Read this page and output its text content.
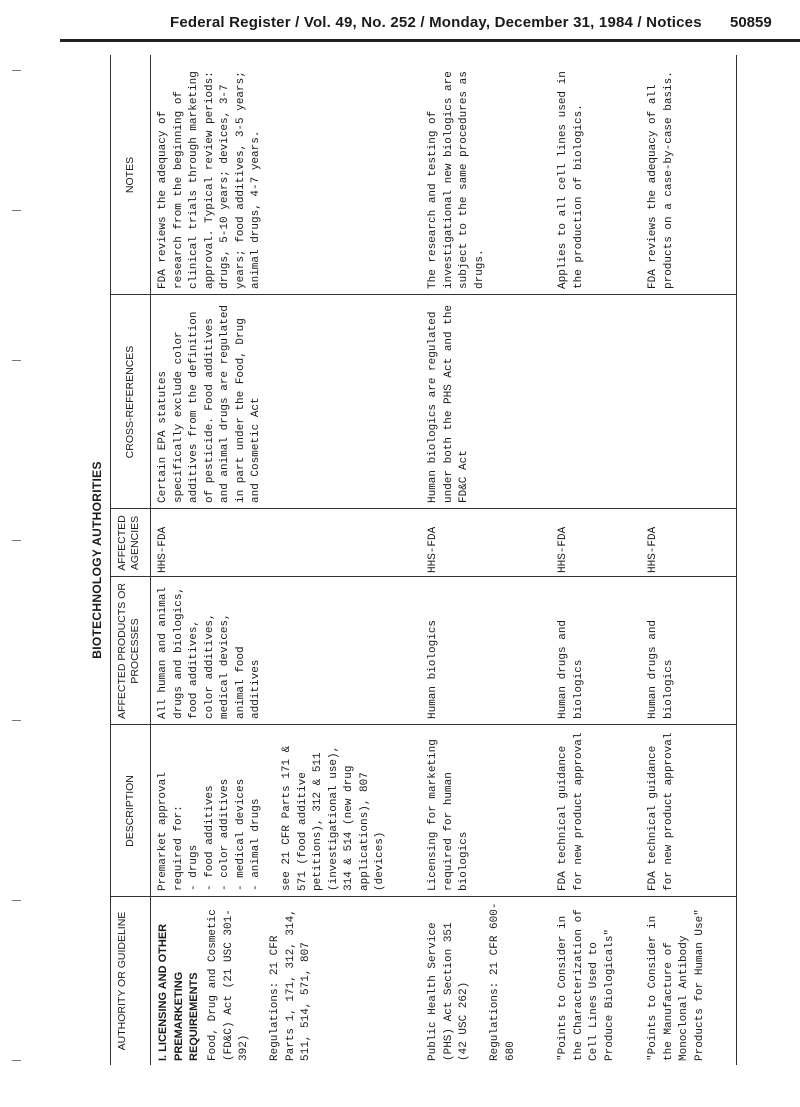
Federal Register / Vol. 49, No. 252 / Monday, December 31, 1984 / Notices 50859
BIOTECHNOLOGY AUTHORITIES
AUTHORITY OR GUIDELINE
DESCRIPTION
AFFECTED PRODUCTS OR PROCESSES
AFFECTED AGENCIES
CROSS-REFERENCES
NOTES
I. LICENSING AND OTHER PREMARKETING REQUIREMENTS Food, Drug and Cosmetic (FD&C) Act (21 USC 301-392)

Regulations: 21 CFR Parts 1, 171, 312, 314, 511, 514, 571, 807
Premarket approval required for:
- drugs
- food additives
- color additives
- medical devices
- animal drugs

see 21 CFR Parts 171 & 571 (food additive petitions), 312 & 511 (investigational use), 314 & 514 (new drug applications), 807 (devices)
All human and animal drugs and biologics, food additives, color additives, medical devices, animal food additives
HHS-FDA
Certain EPA statutes specifically exclude color additives from the definition of pesticide. Food additives and animal drugs are regulated in part under the Food, Drug and Cosmetic Act
FDA reviews the adequacy of research from the beginning of clinical trials through marketing approval. Typical review periods: drugs, 5-10 years; devices, 3-7 years; food additives, 3-5 years; animal drugs, 4-7 years.
Public Health Service (PHS) Act Section 351 (42 USC 262)

Regulations: 21 CFR 600-680
Licensing for marketing required for human biologics
Human biologics
HHS-FDA
Human biologics are regulated under both the PHS Act and the FD&C Act
The research and testing of investigational new biologics are subject to the same procedures as drugs.
"Points to Consider in the Characterization of Cell Lines Used to Produce Biologicals"
FDA technical guidance for new product approval
Human drugs and biologics
HHS-FDA
Applies to all cell lines used in the production of biologics.
"Points to Consider in the Manufacture of Monoclonal Antibody Products for Human Use"
FDA technical guidance for new product approval
Human drugs and biologics
HHS-FDA
FDA reviews the adequacy of all products on a case-by-case basis.
